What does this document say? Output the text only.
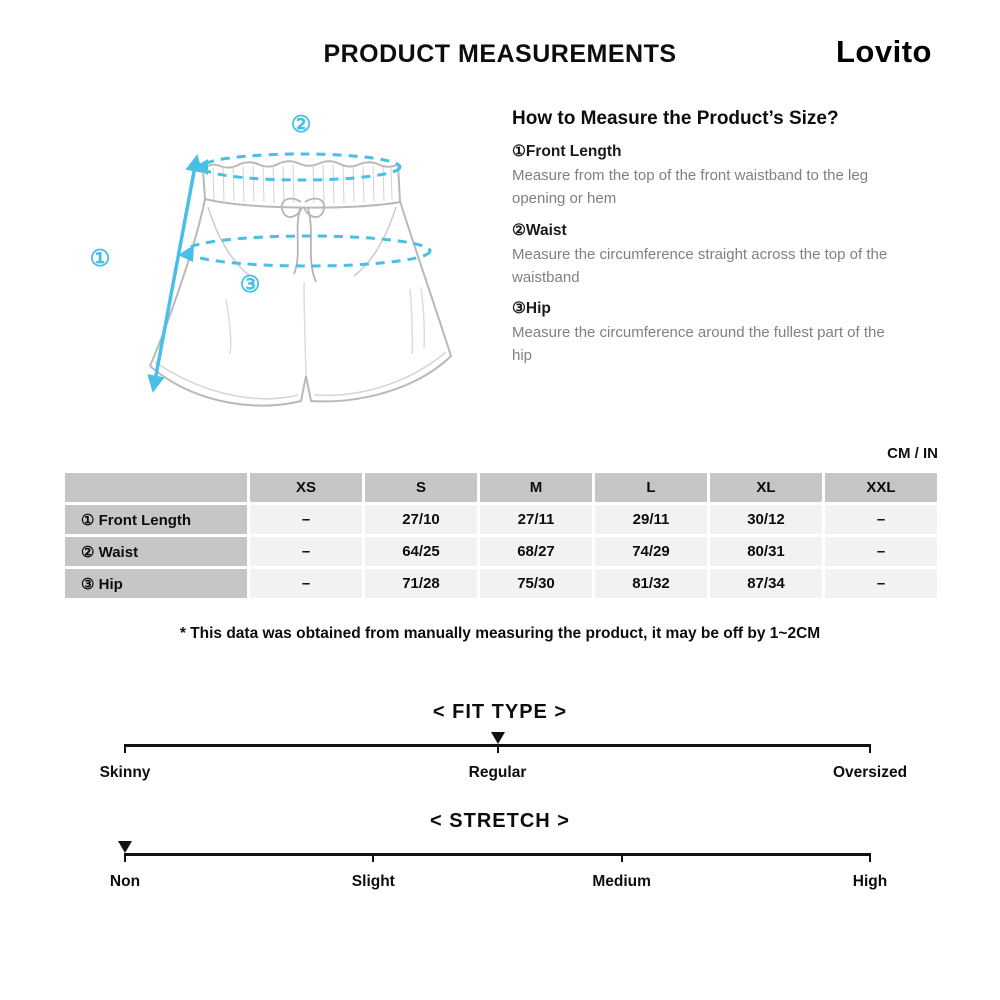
PRODUCT MEASUREMENTS	Lovito
①
②
③
How to Measure the Product’s Size?
①Front Length
Measure from the top of the front waistband to the leg opening or hem
②Waist
Measure the circumference straight across the top of the waistband
③Hip
Measure the circumference around the fullest part of the hip
CM / IN
	XS	S	M	L	XL	XXL
① Front Length	–	27/10	27/11	29/11	30/12	–
② Waist	–	64/25	68/27	74/29	80/31	–
③ Hip	–	71/28	75/30	81/32	87/34	–
* This data was obtained from manually measuring the product, it may be off by 1~2CM
< FIT TYPE >
Skinny	Regular	Oversized
< STRETCH >
Non	Slight	Medium	High
